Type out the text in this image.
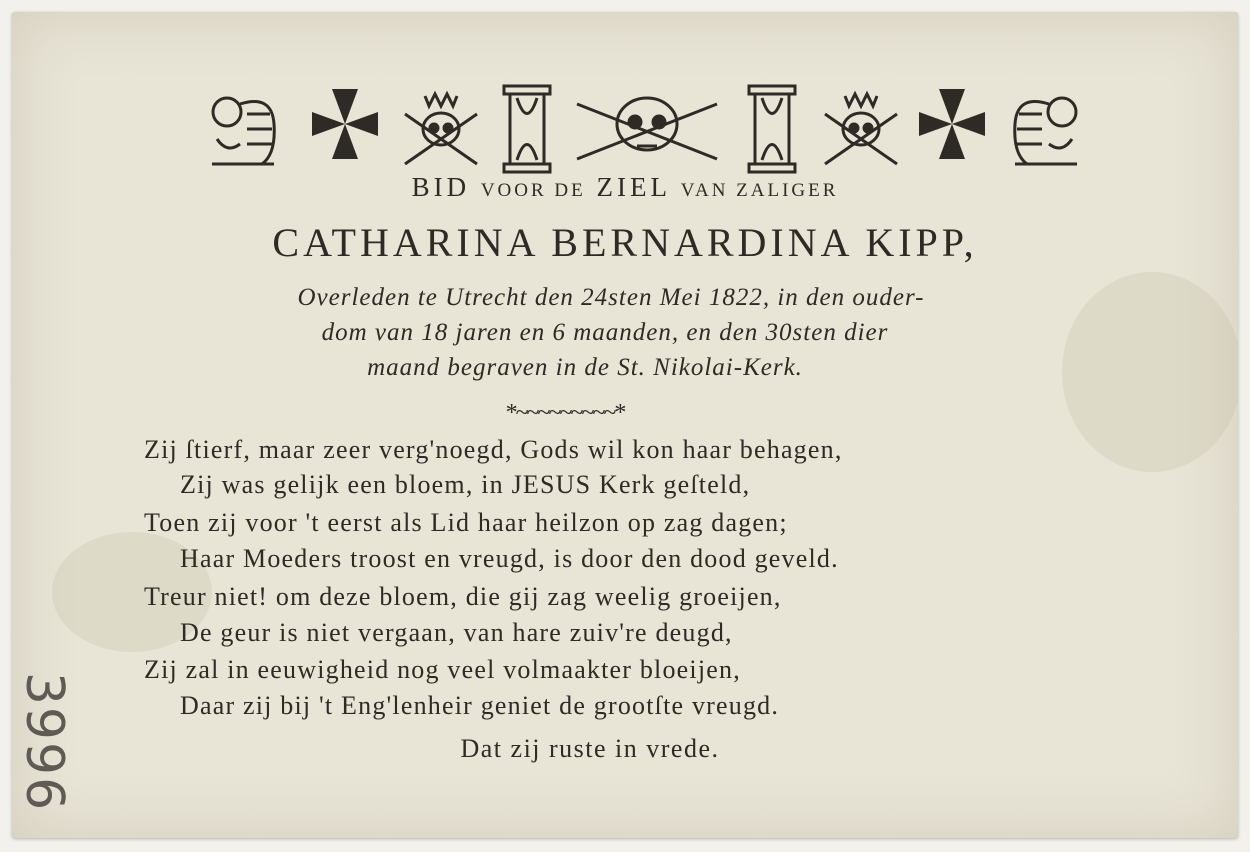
BID VOOR DE ZIEL VAN ZALIGER
CATHARINA BERNARDINA KIPP,
Overleden te Utrecht den 24sten Mei 1822, in den ouder-
dom van 18 jaren en 6 maanden, en den 30sten dier
maand begraven in de St. Nikolai-Kerk.
*~~~~~~~~~*
Zij ſtierf, maar zeer verg'noegd, Gods wil kon haar behagen,
Zij was gelijk een bloem, in JESUS Kerk geſteld,
Toen zij voor 't eerst als Lid haar heilzon op zag dagen;
Haar Moeders troost en vreugd, is door den dood geveld.
Treur niet! om deze bloem, die gij zag weelig groeijen,
De geur is niet vergaan, van hare zuiv're deugd,
Zij zal in eeuwigheid nog veel volmaakter bloeijen,
Daar zij bij 't Eng'lenheir geniet de grootſte vreugd.
Dat zij ruste in vrede.
3996
